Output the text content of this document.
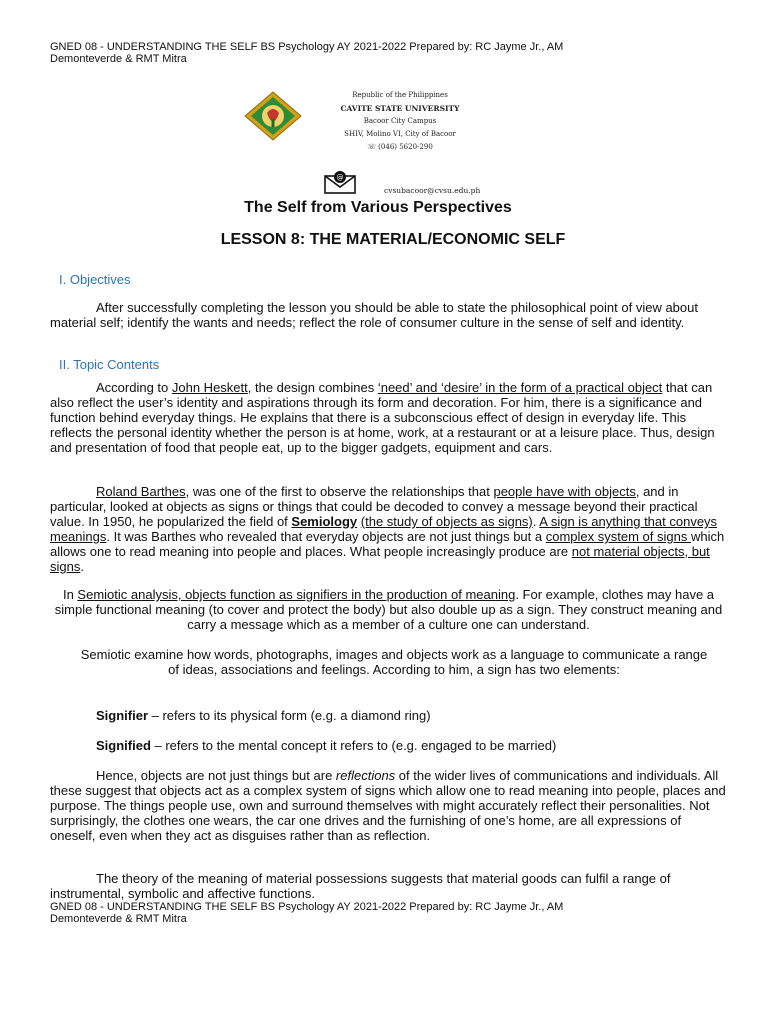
GNED 08 - UNDERSTANDING THE SELF BS Psychology AY 2021-2022 Prepared by: RC Jayme Jr., AM
Demonteverde & RMT Mitra
Republic of the Philippines
CAVITE STATE UNIVERSITY
Bacoor City Campus
SHIV, Molino VI, City of Bacoor
☏ (046) 5620-290
@
cvsubacoor@cvsu.edu.ph
The Self from Various Perspectives
LESSON 8: THE MATERIAL/ECONOMIC SELF
I. Objectives

After successfully completing the lesson you should be able to state the philosophical point of view about material self; identify the wants and needs; reflect the role of consumer culture in the sense of self and identity.

II. Topic Contents

According to John Heskett, the design combines ‘need’ and ‘desire’ in the form of a practical object that can also reflect the user’s identity and aspirations through its form and decoration. For him, there is a significance and function behind everyday things. He explains that there is a subconscious effect of design in everyday life. This reflects the personal identity whether the person is at home, work, at a restaurant or at a leisure place. Thus, design and presentation of food that people eat, up to the bigger gadgets, equipment and cars.

Roland Barthes, was one of the first to observe the relationships that people have with objects, and in particular, looked at objects as signs or things that could be decoded to convey a message beyond their practical value. In 1950, he popularized the field of Semiology (the study of objects as signs). A sign is anything that conveys meanings. It was Barthes who revealed that everyday objects are not just things but a complex system of signs which allows one to read meaning into people and places. What people increasingly produce are not material objects, but signs.

In Semiotic analysis, objects function as signifiers in the production of meaning. For example, clothes may have a simple functional meaning (to cover and protect the body) but also double up as a sign. They construct meaning and carry a message which as a member of a culture one can understand.

Semiotic examine how words, photographs, images and objects work as a language to communicate a range of ideas, associations and feelings. According to him, a sign has two elements:

Signifier – refers to its physical form (e.g. a diamond ring)

Signified – refers to the mental concept it refers to (e.g. engaged to be married)

Hence, objects are not just things but are reflections of the wider lives of communications and individuals. All these suggest that objects act as a complex system of signs which allow one to read meaning into people, places and purpose. The things people use, own and surround themselves with might accurately reflect their personalities. Not surprisingly, the clothes one wears, the car one drives and the furnishing of one’s home, are all expressions of oneself, even when they act as disguises rather than as reflection.

The theory of the meaning of material possessions suggests that material goods can fulfil a range of instrumental, symbolic and affective functions.

GNED 08 - UNDERSTANDING THE SELF BS Psychology AY 2021-2022 Prepared by: RC Jayme Jr., AM
Demonteverde & RMT Mitra
